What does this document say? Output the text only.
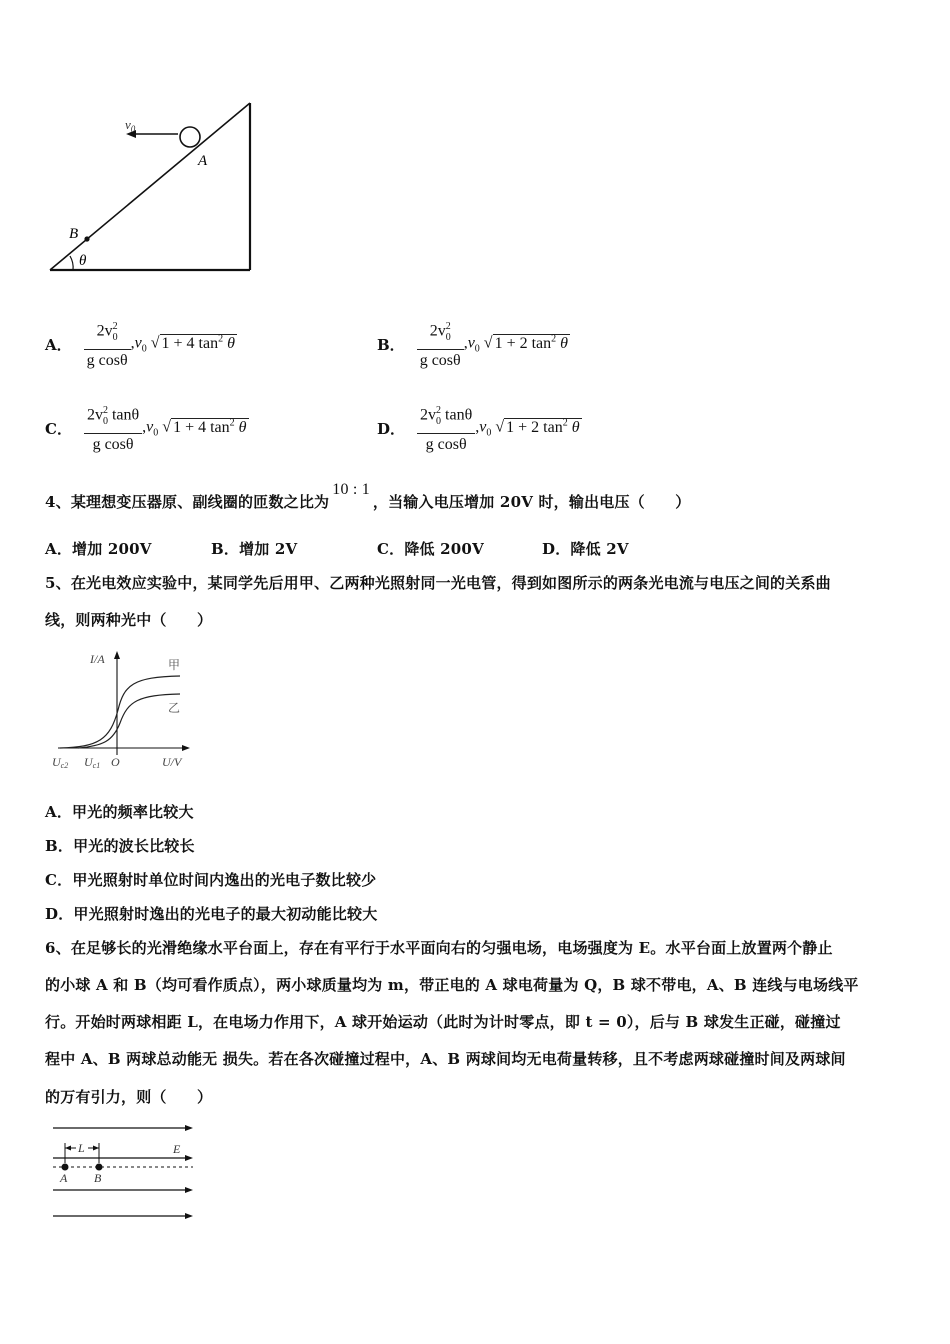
$v_0$
A
B
θ
A． $\frac{2v^2_0}{\text{g cosθ}} ,v_0$ √ 1 + 4 $\tan^2 \theta$	B． $\frac{2v^2_0}{\text{g cosθ}} ,v_0$ √ 1 + 2 $\tan^2 \theta$
C． $\frac{2v^2_0 \tan\theta}{\text{g cosθ}} ,v_0$ √ 1 + 4 $\tan^2 \theta$	D． $\frac{2v^2_0 \tan\theta}{\text{g cosθ}} ,v_0$ √ 1 + 2 $\tan^2 \theta$
4、某理想变压器原、副线圈的匝数之比为10 : 1，当输入电压增加 20V 时，输出电压（　　）
A．增加 200V	B．增加 2V	C．降低 200V	D．降低 2V
5、在光电效应实验中，某同学先后用甲、乙两种光照射同一光电管，得到如图所示的两条光电流与电压之间的关系曲
线，则两种光中（　　）
I/A	甲
乙
Uc2 Uc1 O	U/V
A．甲光的频率比较大
B．甲光的波长比较长
C．甲光照射时单位时间内逸出的光电子数比较少
D．甲光照射时逸出的光电子的最大初动能比较大
6、在足够长的光滑绝缘水平台面上，存在有平行于水平面向右的匀强电场，电场强度为 E。水平台面上放置两个静止
的小球 A 和 B（均可看作质点），两小球质量均为 m，带正电的 A 球电荷量为 Q，B 球不带电，A、B 连线与电场线平
行。开始时两球相距 L，在电场力作用下，A 球开始运动（此时为计时零点，即 t = 0），后与 B 球发生正碰，碰撞过
程中 A、B 两球总动能无 损失。若在各次碰撞过程中，A、B 两球间均无电荷量转移，且不考虑两球碰撞时间及两球间
的万有引力，则（　　）
L	E
A B
